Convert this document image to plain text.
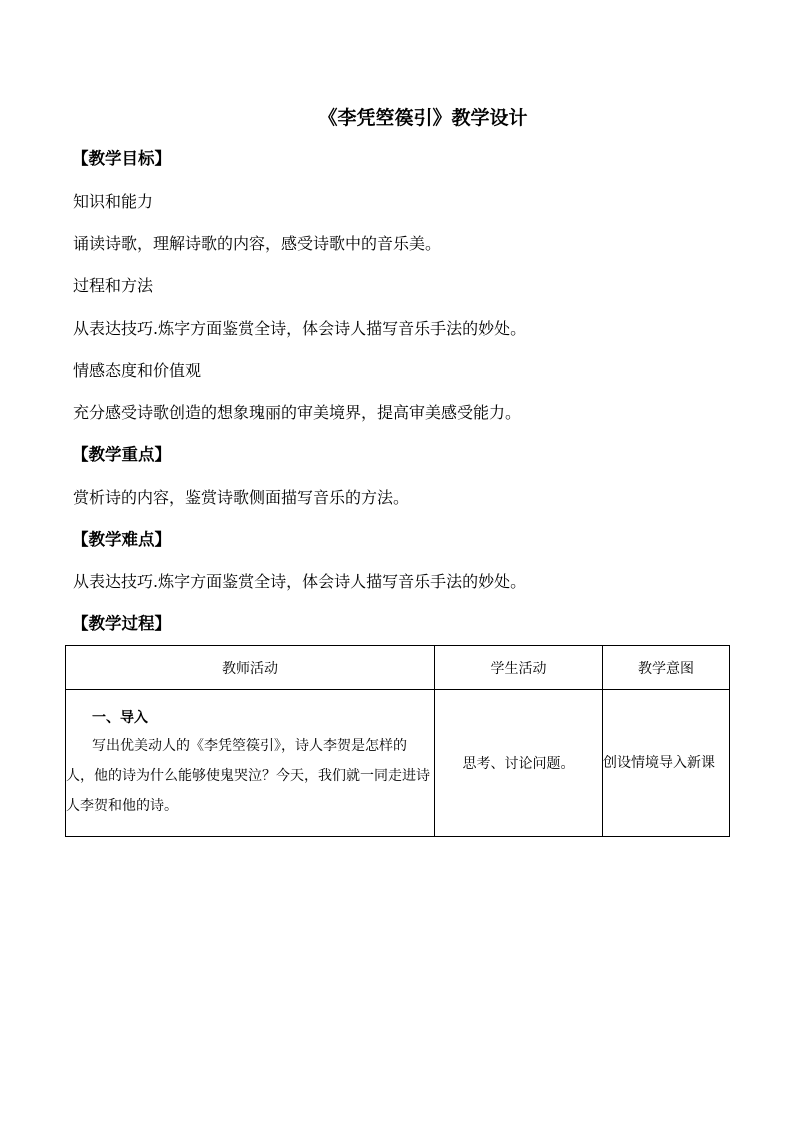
《李凭箜篌引》教学设计
【教学目标】
知识和能力
诵读诗歌，理解诗歌的内容，感受诗歌中的音乐美。
过程和方法
从表达技巧.炼字方面鉴赏全诗，体会诗人描写音乐手法的妙处。
情感态度和价值观
充分感受诗歌创造的想象瑰丽的审美境界，提高审美感受能力。
【教学重点】
赏析诗的内容，鉴赏诗歌侧面描写音乐的方法。
【教学难点】
从表达技巧.炼字方面鉴赏全诗，体会诗人描写音乐手法的妙处。
【教学过程】
教师活动	学生活动	教学意图

一、导入
写出优美动人的《李凭箜篌引》，诗人李贺是怎样的人，他的诗为什么能够使鬼哭泣？今天，我们就一同走进诗人李贺和他的诗。	思考、讨论问题。	创设情境导入新课
